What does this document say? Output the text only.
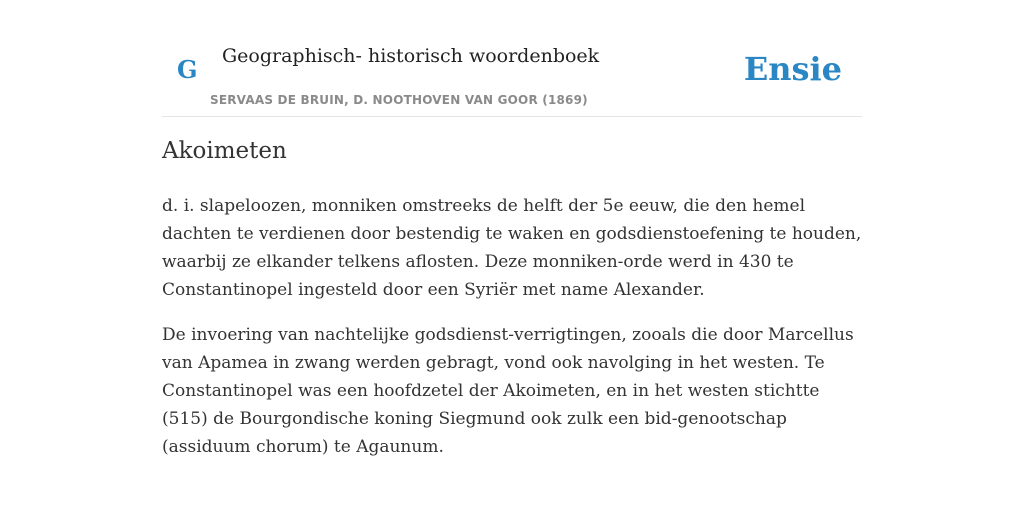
G Geographisch- historisch woordenboek
SERVAAS DE BRUIN, D. NOOTHOVEN VAN GOOR (1869)
Ensie
Akoimeten

d. i. slapeloozen, monniken omstreeks de helft der 5e eeuw, die den hemel dachten te verdienen door bestendig te waken en godsdienstoefening te houden, waarbij ze elkander telkens aflosten. Deze monniken-orde werd in 430 te Constantinopel ingesteld door een Syriër met name Alexander.

De invoering van nachtelijke godsdienst-verrigtingen, zooals die door Marcellus van Apamea in zwang werden gebragt, vond ook navolging in het westen. Te Constantinopel was een hoofdzetel der Akoimeten, en in het westen stichtte (515) de Bourgondische koning Siegmund ook zulk een bid-genootschap (assiduum chorum) te Agaunum.
